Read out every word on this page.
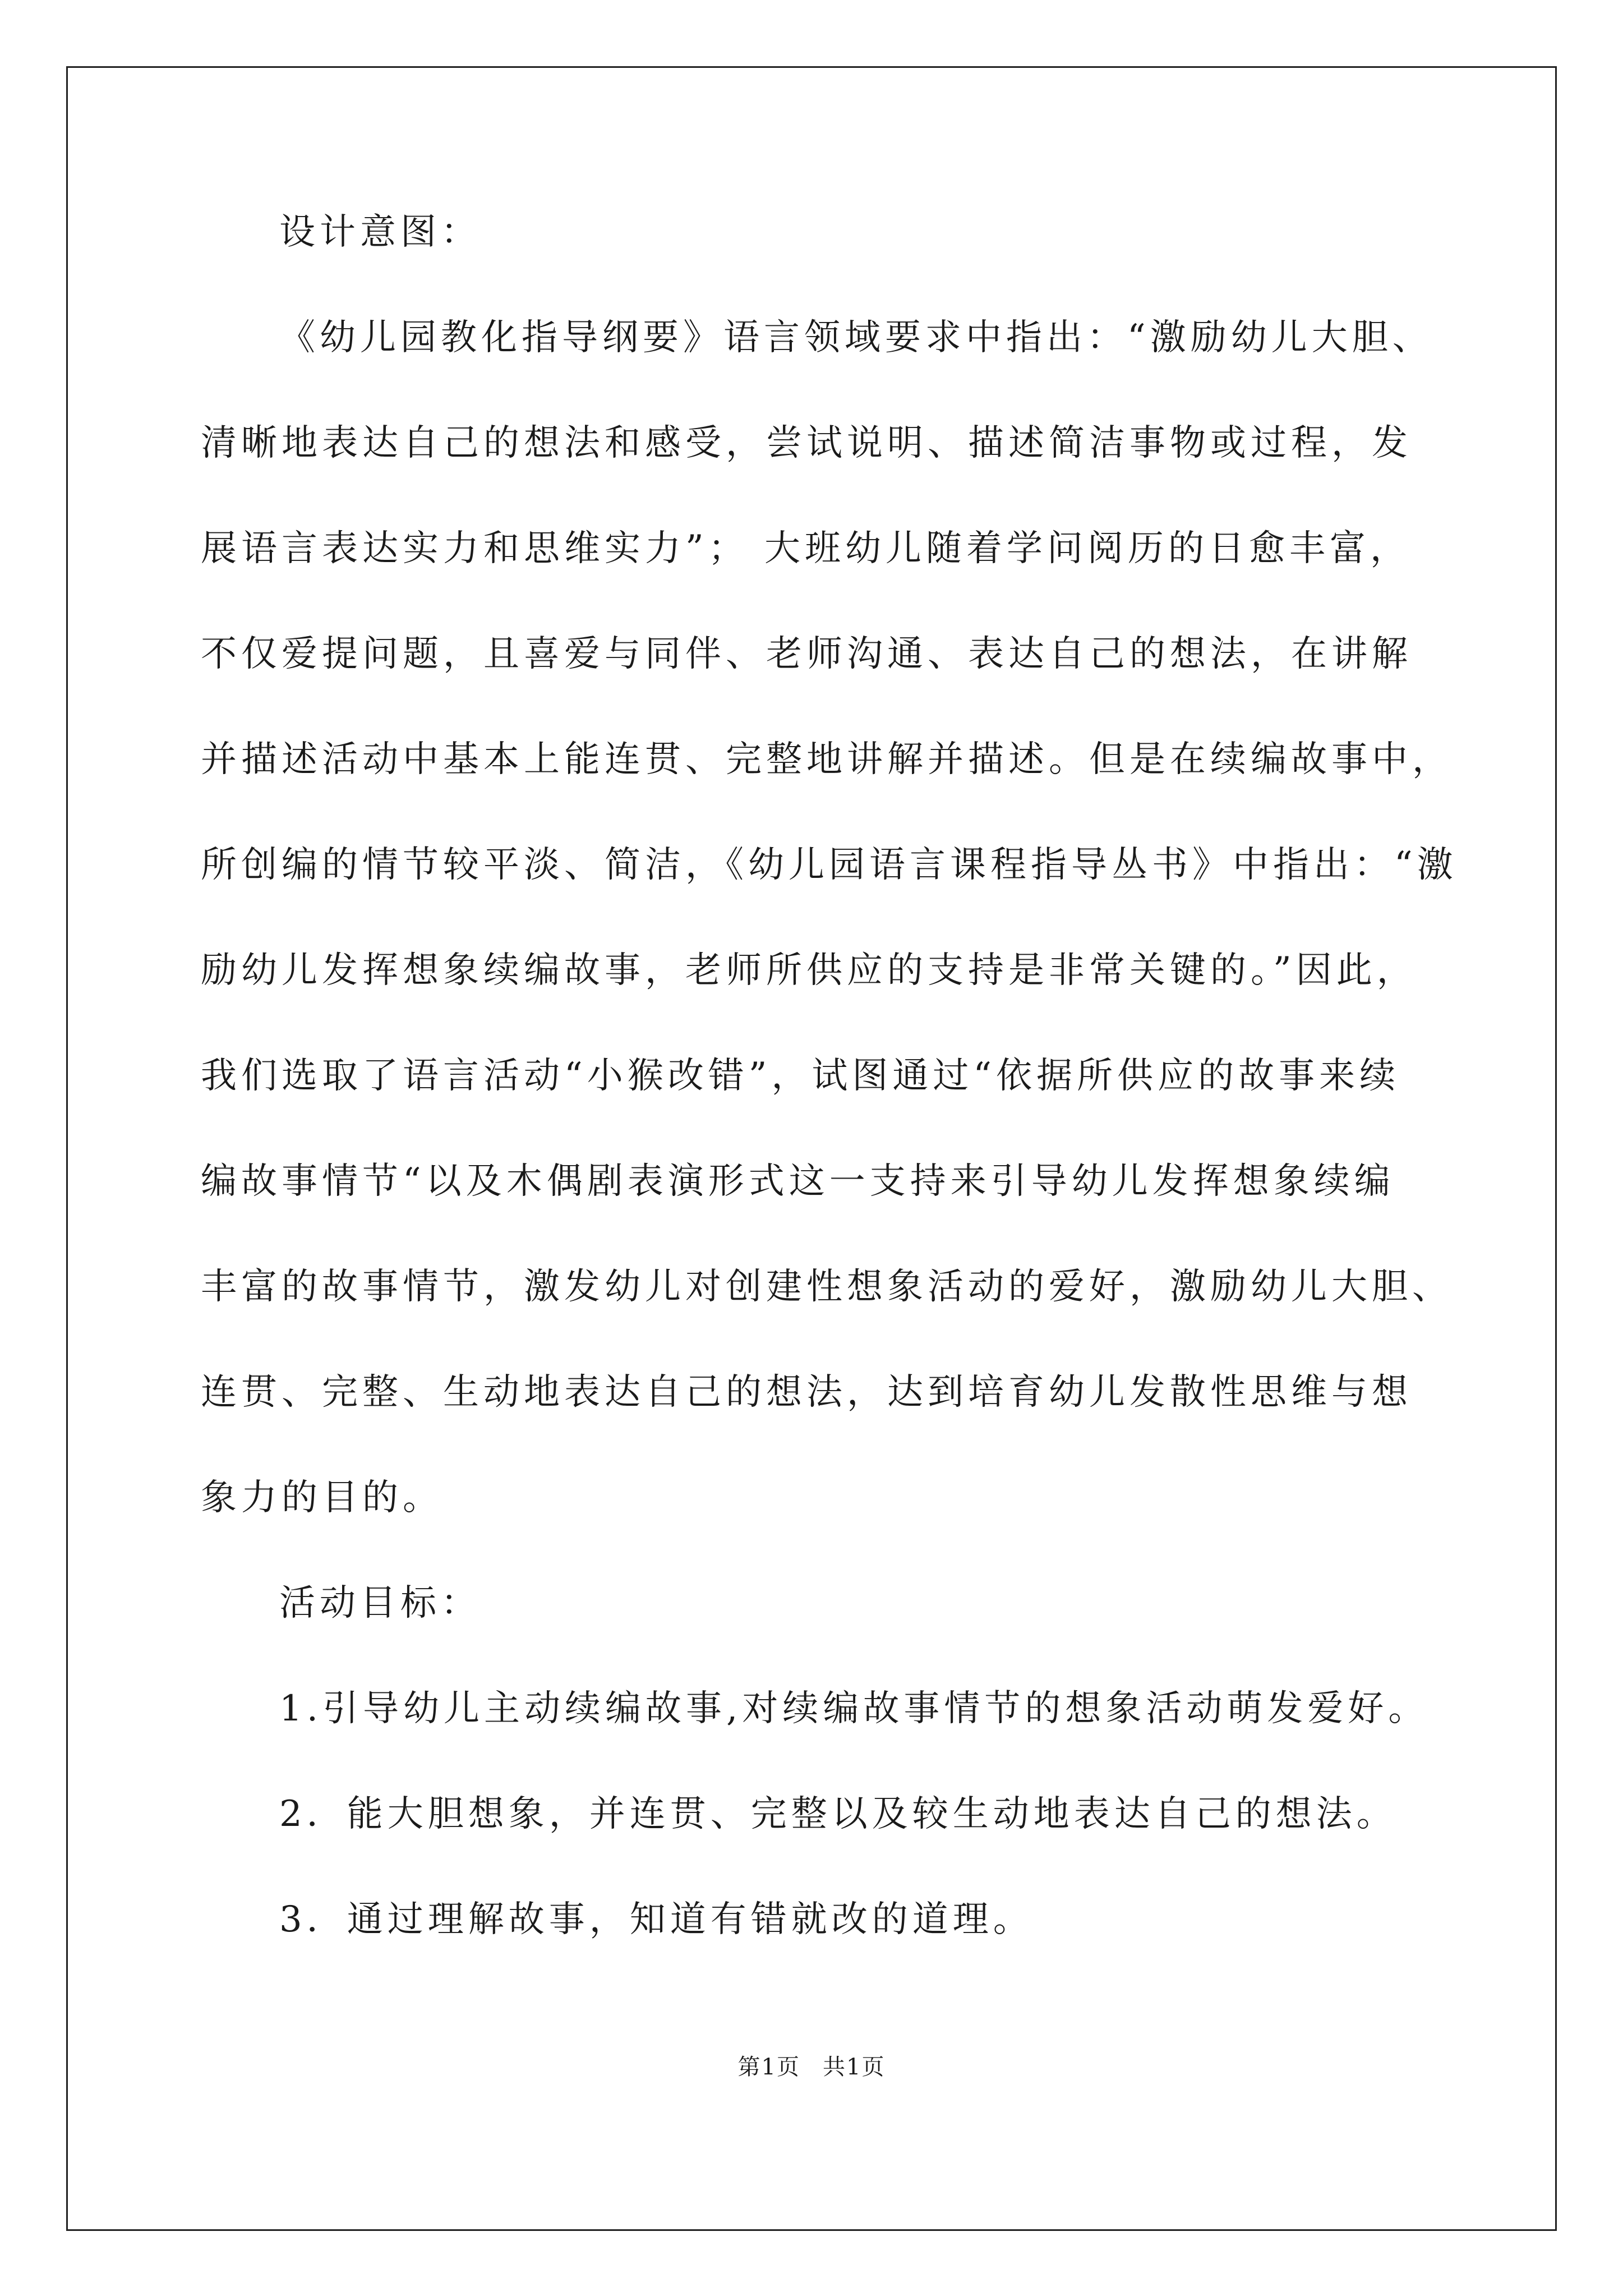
设计意图：
《幼儿园教化指导纲要》语言领域要求中指出：“激励幼儿大胆、
清晰地表达自己的想法和感受，尝试说明、描述简洁事物或过程，发
展语言表达实力和思维实力”； 大班幼儿随着学问阅历的日愈丰富，
不仅爱提问题，且喜爱与同伴、老师沟通、表达自己的想法，在讲解
并描述活动中基本上能连贯、完整地讲解并描述。但是在续编故事中，
所创编的情节较平淡、简洁，《幼儿园语言课程指导丛书》中指出：“激
励幼儿发挥想象续编故事，老师所供应的支持是非常关键的。”因此，
我们选取了语言活动“小猴改错”，试图通过“依据所供应的故事来续
编故事情节“以及木偶剧表演形式这一支持来引导幼儿发挥想象续编
丰富的故事情节，激发幼儿对创建性想象活动的爱好，激励幼儿大胆、
连贯、完整、生动地表达自己的想法，达到培育幼儿发散性思维与想
象力的目的。
活动目标：
1.引导幼儿主动续编故事,对续编故事情节的想象活动萌发爱好。
2．能大胆想象，并连贯、完整以及较生动地表达自己的想法。
3．通过理解故事，知道有错就改的道理。
第1页 共1页
